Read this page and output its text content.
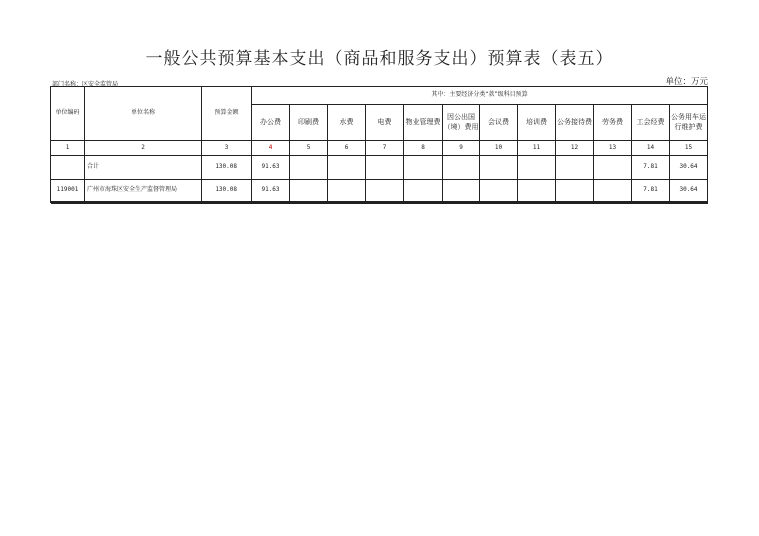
一般公共预算基本支出（商品和服务支出）预算表（表五）
部门名称：区安全监管局	单位：万元
单位编码	单位名称	预算金额	其中：主要经济分类“款”级科目预算											
			办公费	印刷费	水费	电费	物业管理费	因公出国（境）费用	会议费	培训费	公务接待费	劳务费	工会经费	公务用车运行维护费
1	2	3	4	5	6	7	8	9	10	11	12	13	14	15
	合计	130.08	91.63										7.81	30.64
119001	广州市海珠区安全生产监督管理局	130.08	91.63										7.81	30.64
